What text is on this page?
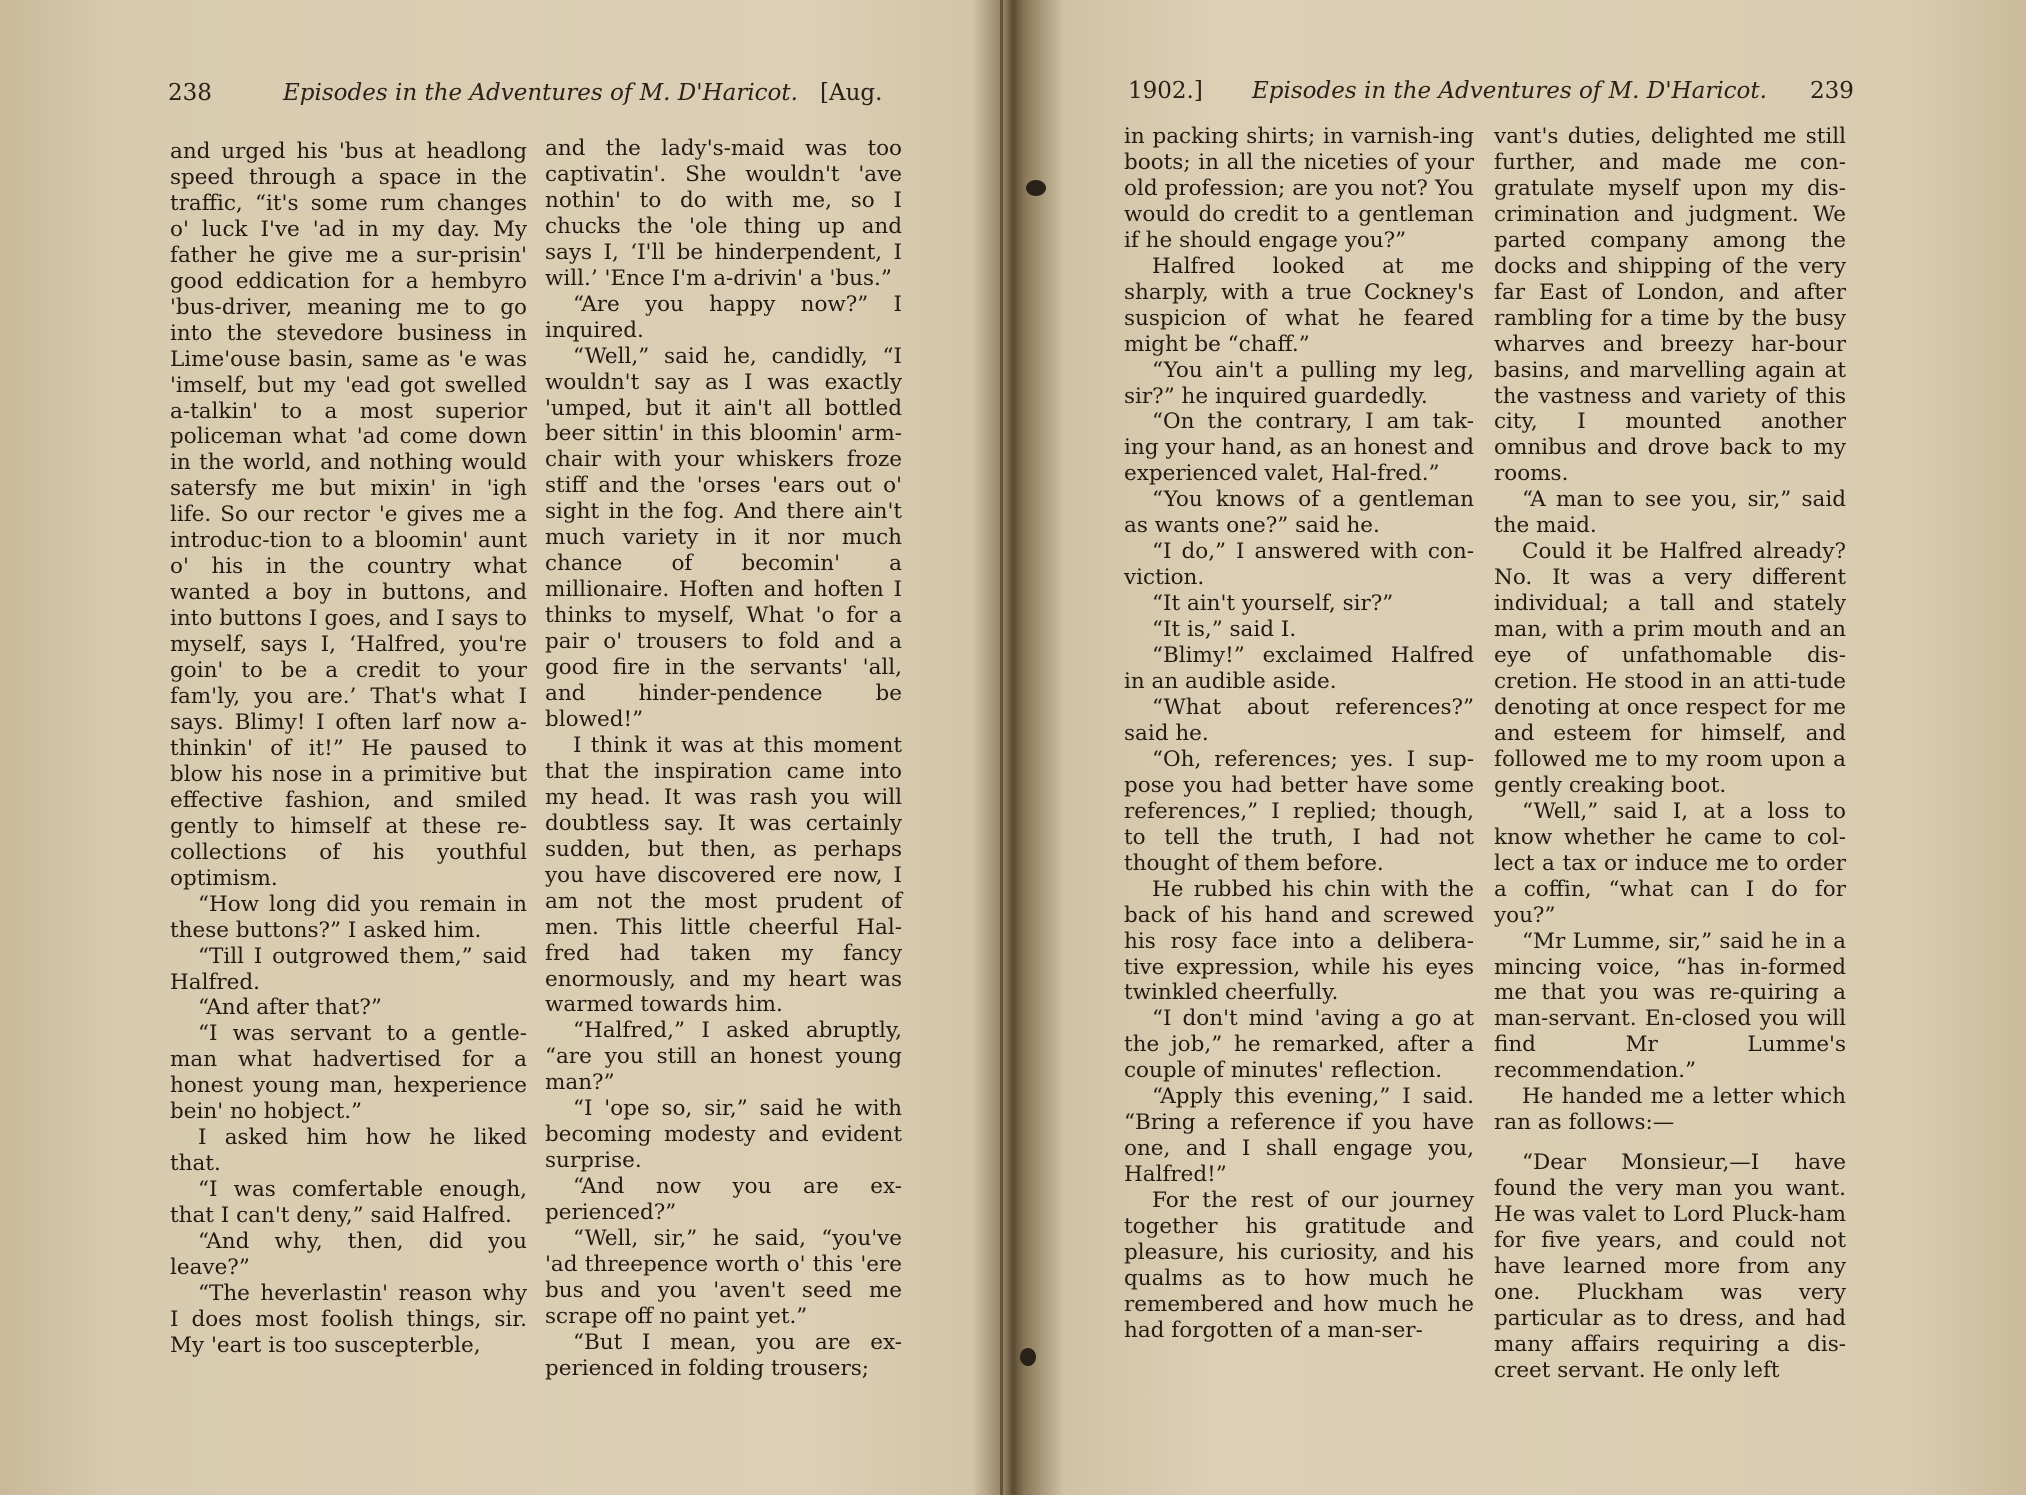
238	Episodes in the Adventures of M. D'Haricot. [Aug.

and urged his 'bus at headlong speed through a space in the traffic, “it's some rum changes o' luck I've 'ad in my day. My father he give me a sur-prisin' good eddication for a hembyro 'bus-driver, meaning me to go into the stevedore business in Lime'ouse basin, same as 'e was 'imself, but my 'ead got swelled a-talkin' to a most superior policeman what 'ad come down in the world, and nothing would satersfy me but mixin' in 'igh life. So our rector 'e gives me a introduc-tion to a bloomin' aunt o' his in the country what wanted a boy in buttons, and into buttons I goes, and I says to myself, says I, ‘Halfred, you're goin' to be a credit to your fam'ly, you are.’ That's what I says. Blimy! I often larf now a-thinkin' of it!” He paused to blow his nose in a primitive but effective fashion, and smiled gently to himself at these re-collections of his youthful optimism.

“How long did you remain in these buttons?” I asked him.

“Till I outgrowed them,” said Halfred.

“And after that?”

“I was servant to a gentle-man what hadvertised for a honest young man, hexperience bein' no hobject.”

I asked him how he liked that.

“I was comfertable enough, that I can't deny,” said Halfred.

“And why, then, did you leave?”

“The heverlastin' reason why I does most foolish things, sir. My 'eart is too suscepterble,

and the lady's-maid was too captivatin'. She wouldn't 'ave nothin' to do with me, so I chucks the 'ole thing up and says I, ‘I'll be hinderpendent, I will.’ 'Ence I'm a-drivin' a 'bus.”

“Are you happy now?” I inquired.

“Well,” said he, candidly, “I wouldn't say as I was exactly 'umped, but it ain't all bottled beer sittin' in this bloomin' arm-chair with your whiskers froze stiff and the 'orses 'ears out o' sight in the fog. And there ain't much variety in it nor much chance of becomin' a millionaire. Hoften and hoften I thinks to myself, What 'o for a pair o' trousers to fold and a good fire in the servants' 'all, and hinder-pendence be blowed!”

I think it was at this moment that the inspiration came into my head. It was rash you will doubtless say. It was certainly sudden, but then, as perhaps you have discovered ere now, I am not the most prudent of men. This little cheerful Hal-fred had taken my fancy enormously, and my heart was warmed towards him.

“Halfred,” I asked abruptly, “are you still an honest young man?”

“I 'ope so, sir,” said he with becoming modesty and evident surprise.

“And now you are ex-perienced?”

“Well, sir,” he said, “you've 'ad threepence worth o' this 'ere bus and you 'aven't seed me scrape off no paint yet.”

“But I mean, you are ex-perienced in folding trousers;

1902.] Episodes in the Adventures of M. D'Haricot. 239

in packing shirts; in varnish-ing boots; in all the niceties of your old profession; are you not? You would do credit to a gentleman if he should engage you?”

Halfred looked at me sharply, with a true Cockney's suspicion of what he feared might be “chaff.”

“You ain't a pulling my leg, sir?” he inquired guardedly.

“On the contrary, I am tak-ing your hand, as an honest and experienced valet, Hal-fred.”

“You knows of a gentleman as wants one?” said he.

“I do,” I answered with con-viction.

“It ain't yourself, sir?”

“It is,” said I.

“Blimy!” exclaimed Halfred in an audible aside.

“What about references?” said he.

“Oh, references; yes. I sup-pose you had better have some references,” I replied; though, to tell the truth, I had not thought of them before.

He rubbed his chin with the back of his hand and screwed his rosy face into a delibera-tive expression, while his eyes twinkled cheerfully.

“I don't mind 'aving a go at the job,” he remarked, after a couple of minutes' reflection.

“Apply this evening,” I said. “Bring a reference if you have one, and I shall engage you, Halfred!”

For the rest of our journey together his gratitude and pleasure, his curiosity, and his qualms as to how much he remembered and how much he had forgotten of a man-ser-

vant's duties, delighted me still further, and made me con-gratulate myself upon my dis-crimination and judgment. We parted company among the docks and shipping of the very far East of London, and after rambling for a time by the busy wharves and breezy har-bour basins, and marvelling again at the vastness and variety of this city, I mounted another omnibus and drove back to my rooms.

“A man to see you, sir,” said the maid.

Could it be Halfred already? No. It was a very different individual; a tall and stately man, with a prim mouth and an eye of unfathomable dis-cretion. He stood in an atti-tude denoting at once respect for me and esteem for himself, and followed me to my room upon a gently creaking boot.

“Well,” said I, at a loss to know whether he came to col-lect a tax or induce me to order a coffin, “what can I do for you?”

“Mr Lumme, sir,” said he in a mincing voice, “has in-formed me that you was re-quiring a man-servant. En-closed you will find Mr Lumme's recommendation.”

He handed me a letter which ran as follows:—

“Dear Monsieur,—I have found the very man you want. He was valet to Lord Pluck-ham for five years, and could not have learned more from any one. Pluckham was very particular as to dress, and had many affairs requiring a dis-creet servant. He only left
